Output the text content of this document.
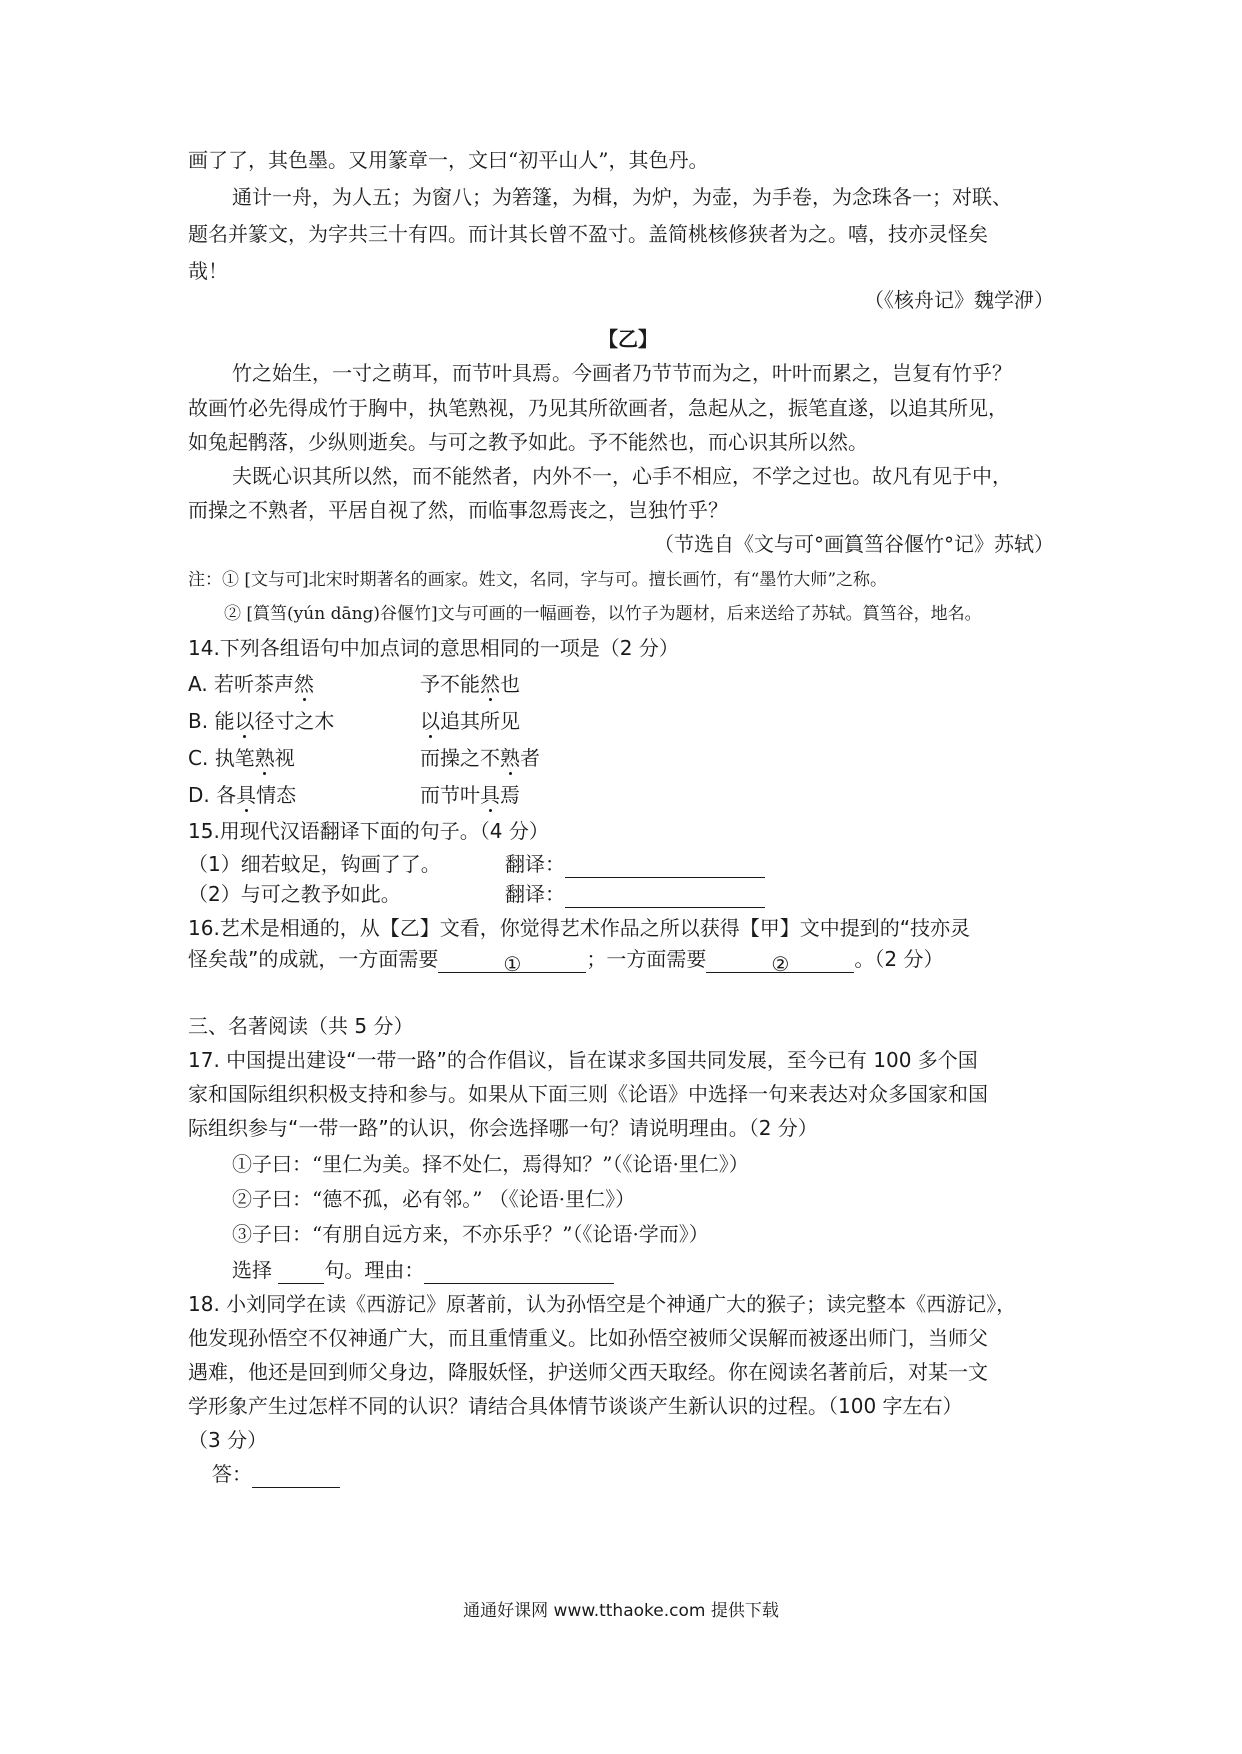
画了了，其色墨。又用篆章一，文曰“初平山人”，其色丹。
通计一舟，为人五；为窗八；为箬篷，为楫，为炉，为壶，为手卷，为念珠各一；对联、
题名并篆文，为字共三十有四。而计其长曾不盈寸。盖简桃核修狭者为之。嘻，技亦灵怪矣
哉！
（《核舟记》魏学洢）
【乙】
竹之始生，一寸之萌耳，而节叶具焉。今画者乃节节而为之，叶叶而累之，岂复有竹乎？
故画竹必先得成竹于胸中，执笔熟视，乃见其所欲画者，急起从之，振笔直遂，以追其所见，
如兔起鹘落，少纵则逝矣。与可之教予如此。予不能然也，而心识其所以然。
夫既心识其所以然，而不能然者，内外不一，心手不相应，不学之过也。故凡有见于中，
而操之不熟者，平居自视了然，而临事忽焉丧之，岂独竹乎？
（节选自《文与可°画篔筜谷偃竹°记》苏轼）
注：① [文与可]北宋时期著名的画家。姓文，名同，字与可。擅长画竹，有“墨竹大师”之称。
② [篔筜(yún dāng)谷偃竹]文与可画的一幅画卷，以竹子为题材，后来送给了苏轼。篔筜谷，地名。
14.下列各组语句中加点词的意思相同的一项是（2 分）
A. 若听茶声然	予不能然也
B. 能以径寸之木	以追其所见
C. 执笔熟视	而操之不熟者
D. 各具情态	而节叶具焉
15.用现代汉语翻译下面的句子。（4 分）
（1）细若蚊足，钩画了了。	翻译：
（2）与可之教予如此。	翻译：
16.艺术是相通的，从【乙】文看，你觉得艺术作品之所以获得【甲】文中提到的“技亦灵
怪矣哉”的成就，一方面需要	①	；一方面需要	②	。（2 分）
三、名著阅读（共 5 分）
17. 中国提出建设“一带一路”的合作倡议，旨在谋求多国共同发展，至今已有 100 多个国
家和国际组织积极支持和参与。如果从下面三则《论语》中选择一句来表达对众多国家和国
际组织参与“一带一路”的认识，你会选择哪一句？请说明理由。（2 分）
①子曰：“里仁为美。择不处仁，焉得知？”（《论语·里仁》）
②子曰：“德不孤，必有邻。” （《论语·里仁》）
③子曰：“有朋自远方来，不亦乐乎？”（《论语·学而》）
选择	句。理由：
18. 小刘同学在读《西游记》原著前，认为孙悟空是个神通广大的猴子；读完整本《西游记》，
他发现孙悟空不仅神通广大，而且重情重义。比如孙悟空被师父误解而被逐出师门，当师父
遇难，他还是回到师父身边，降服妖怪，护送师父西天取经。你在阅读名著前后，对某一文
学形象产生过怎样不同的认识？请结合具体情节谈谈产生新认识的过程。（100 字左右）
（3 分）
答：
通通好课网 www.tthaoke.com 提供下载
